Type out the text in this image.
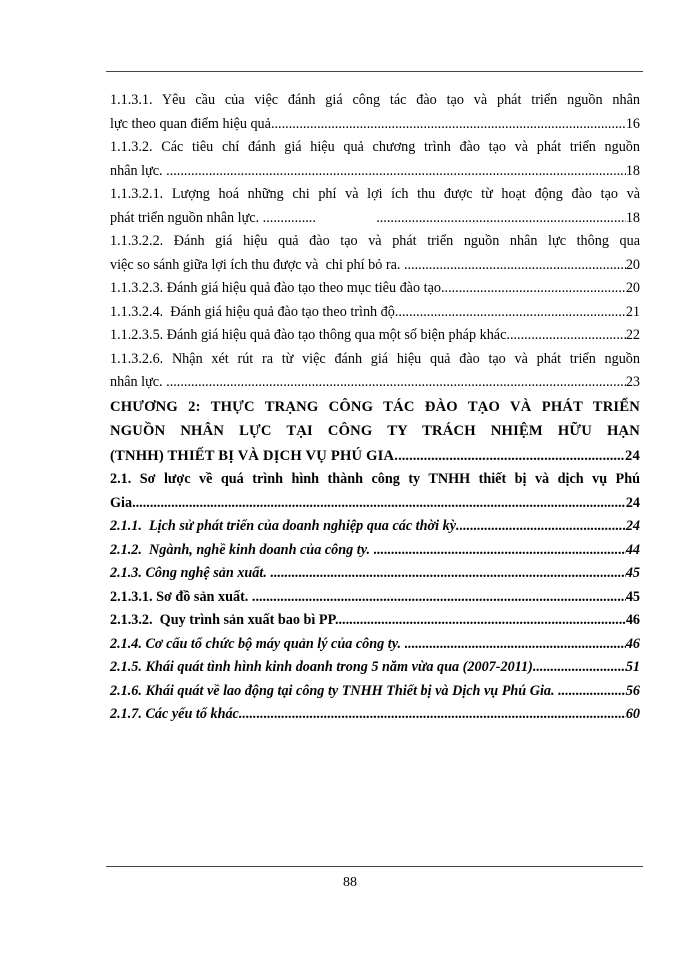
1.1.3.1. Yêu cầu của việc đánh giá công tác đào tạo và phát triển nguồn nhân
lực theo quan điểm hiệu quả. .....	16
1.1.3.2. Các tiêu chí đánh giá hiệu quả chương trình đào tạo và phát triển nguồn
nhân lực. .....	18
1.1.3.2.1. Lượng hoá những chi phí và lợi ích thu được từ hoạt động đào tạo và
phát triển nguồn nhân lực. ...............
.....	18
1.1.3.2.2. Đánh giá hiệu quả đào tạo và phát triển nguồn nhân lực thông qua
việc so sánh giữa lợi ích thu được và  chi phí bỏ ra. .....	20
1.1.3.2.3. Đánh giá hiệu quả đào tạo theo mục tiêu đào tạo. .....	20
1.1.3.2.4.  Đánh giá hiệu quả đào tạo theo trình độ. .....	21
1.1.2.3.5. Đánh giá hiệu quả đào tạo thông qua một số biện pháp khác .....	22
1.1.3.2.6. Nhận xét rút ra từ việc đánh giá hiệu quả đào tạo và phát triển nguồn
nhân lực. .....	23
CHƯƠNG 2: THỰC TRẠNG CÔNG TÁC ĐÀO TẠO VÀ PHÁT TRIỂN
NGUỒN NHÂN LỰC TẠI CÔNG TY TRÁCH NHIỆM HỮU HẠN
(TNHH) THIẾT BỊ VÀ DỊCH VỤ PHÚ GIA. .....	24
2.1. Sơ lược về quá trình hình thành công ty TNHH thiết bị và dịch vụ Phú
Gia .....	24
2.1.1.  Lịch sử phát triển của doanh nghiệp qua các thời kỳ. .....	24
2.1.2.  Ngành, nghề kinh doanh của công ty. .....	44
2.1.3. Công nghệ sản xuất. .....	45
2.1.3.1. Sơ đồ sản xuất. .....	45
2.1.3.2.  Quy trình sản xuất bao bì PP. .....	46
2.1.4. Cơ cấu tổ chức bộ máy quản lý của công ty. .....	46
2.1.5. Khái quát tình hình kinh doanh trong 5 năm vừa qua (2007-2011) .....	51
2.1.6. Khái quát về lao động tại công ty TNHH Thiết bị và Dịch vụ Phú Gia. .....	56
2.1.7. Các yếu tố khác. .....	60
88
